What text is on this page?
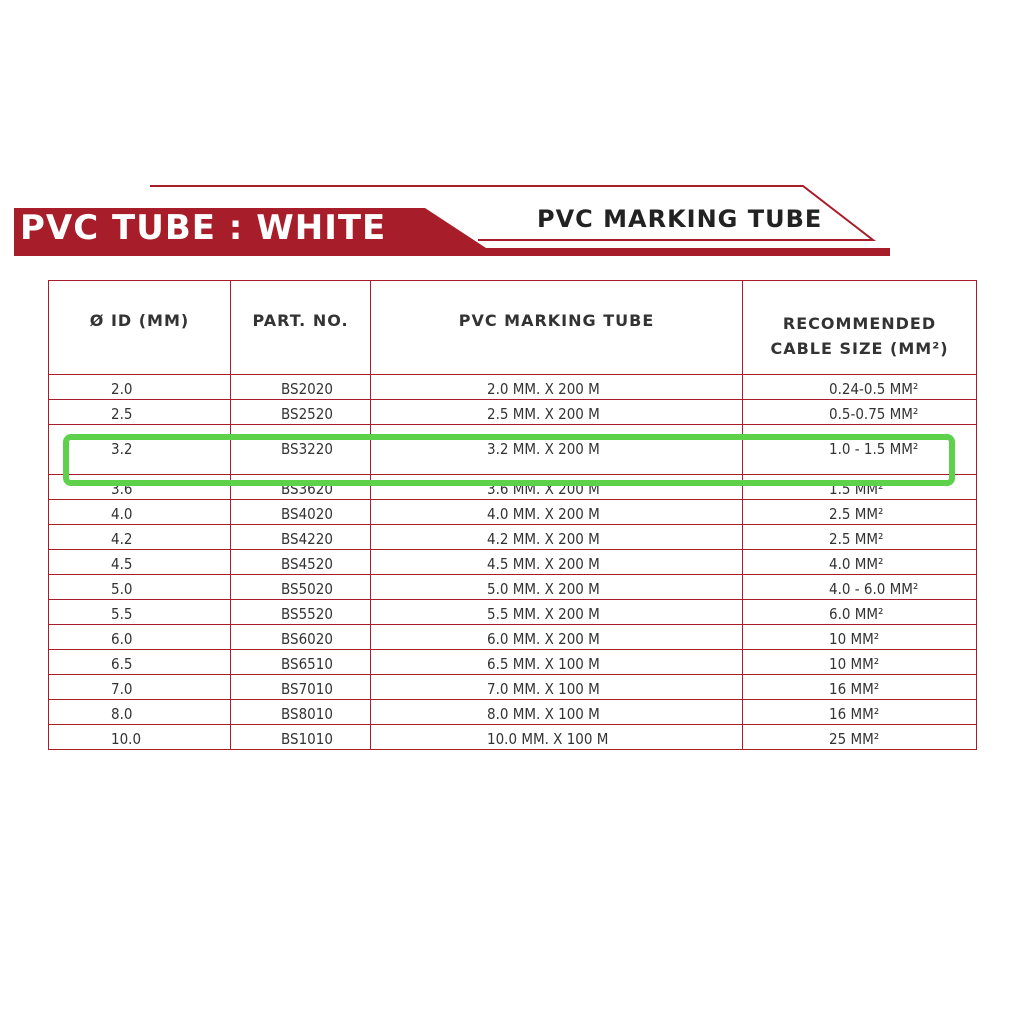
PVC TUBE : WHITE	PVC MARKING TUBE
Ø ID (MM)	PART. NO.	PVC MARKING TUBE	RECOMMENDED
CABLE SIZE (MM²)
2.0	BS2020	2.0 MM. X 200 M	0.24-0.5 MM²
2.5	BS2520	2.5 MM. X 200 M	0.5-0.75 MM²
3.2	BS3220	3.2 MM. X 200 M	1.0 - 1.5 MM²
3.6	BS3620	3.6 MM. X 200 M	1.5 MM²
4.0	BS4020	4.0 MM. X 200 M	2.5 MM²
4.2	BS4220	4.2 MM. X 200 M	2.5 MM²
4.5	BS4520	4.5 MM. X 200 M	4.0 MM²
5.0	BS5020	5.0 MM. X 200 M	4.0 - 6.0 MM²
5.5	BS5520	5.5 MM. X 200 M	6.0 MM²
6.0	BS6020	6.0 MM. X 200 M	10 MM²
6.5	BS6510	6.5 MM. X 100 M	10 MM²
7.0	BS7010	7.0 MM. X 100 M	16 MM²
8.0	BS8010	8.0 MM. X 100 M	16 MM²
10.0	BS1010	10.0 MM. X 100 M	25 MM²
